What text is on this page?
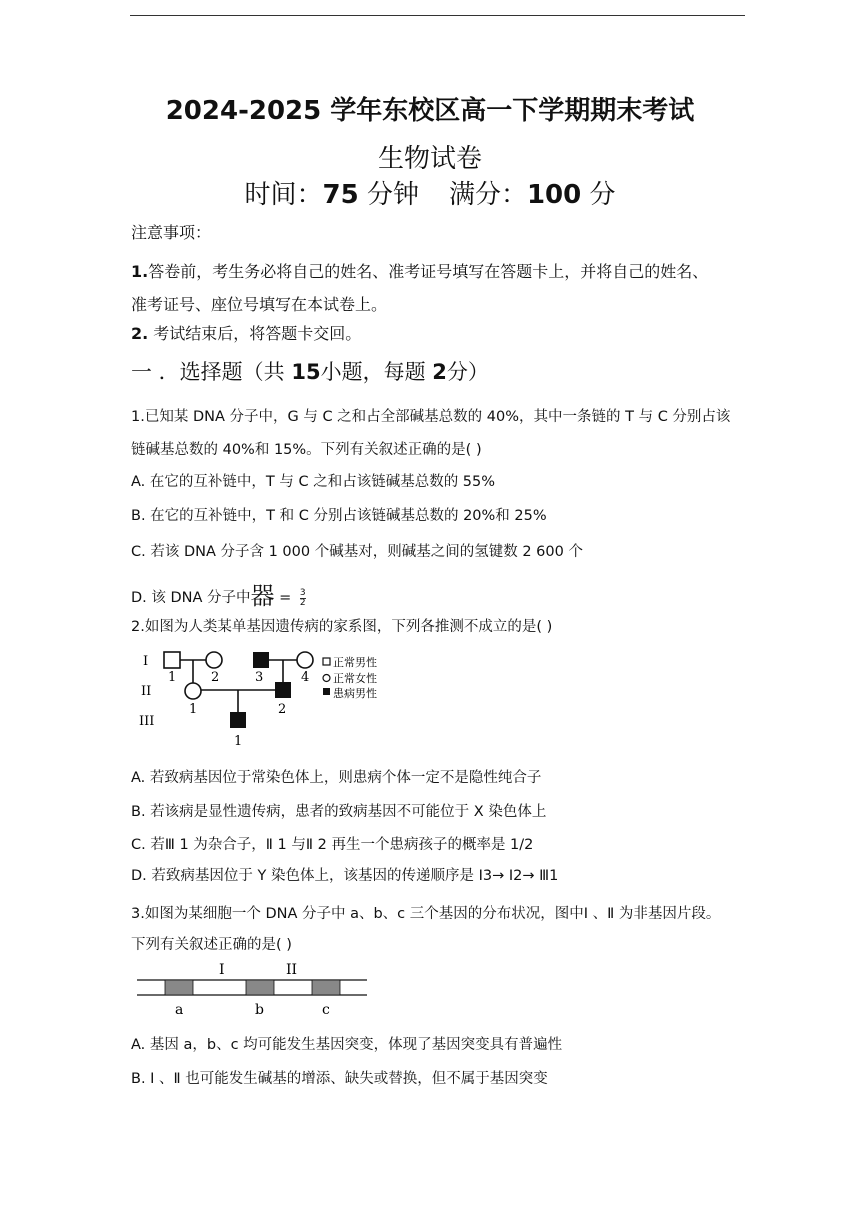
2024-2025 学年东校区高一下学期期末考试
生物试卷
时间：75 分钟 满分：100 分
注意事项：
1.答卷前，考生务必将自己的姓名、准考证号填写在答题卡上，并将自己的姓名、
准考证号、座位号填写在本试卷上。
2. 考试结束后，将答题卡交回。
一 ．选择题（共 15小题，每题 2分）
1.已知某 DNA 分子中，G 与 C 之和占全部碱基总数的 40%，其中一条链的 T 与 C 分别占该
链碱基总数的 40%和 15%。下列有关叙述正确的是( )
A. 在它的互补链中，T 与 C 之和占该链碱基总数的 55%
B. 在它的互补链中，T 和 C 分别占该链碱基总数的 20%和 25%
C. 若该 DNA 分子含 1 000 个碱基对，则碱基之间的氢键数 2 600 个
D. 该 DNA 分子中器 = $\frac{3}{2}$
2.如图为人类某单基因遗传病的家系图，下列各推测不成立的是( )
I
II
III
1	2	3	4
1	2
1
正常男性
正常女性
患病男性
A. 若致病基因位于常染色体上，则患病个体一定不是隐性纯合子
B. 若该病是显性遗传病，患者的致病基因不可能位于 X 染色体上
C. 若Ⅲ 1 为杂合子，Ⅱ 1 与Ⅱ 2 再生一个患病孩子的概率是 1/2
D. 若致病基因位于 Y 染色体上，该基因的传递顺序是 Ⅰ3→ Ⅰ2→ Ⅲ1
3.如图为某细胞一个 DNA 分子中 a、b、c 三个基因的分布状况，图中Ⅰ 、Ⅱ 为非基因片段。
下列有关叙述正确的是( )
I	II
a	b	c
A. 基因 a，b、c 均可能发生基因突变，体现了基因突变具有普遍性
B. Ⅰ 、Ⅱ 也可能发生碱基的增添、缺失或替换，但不属于基因突变
